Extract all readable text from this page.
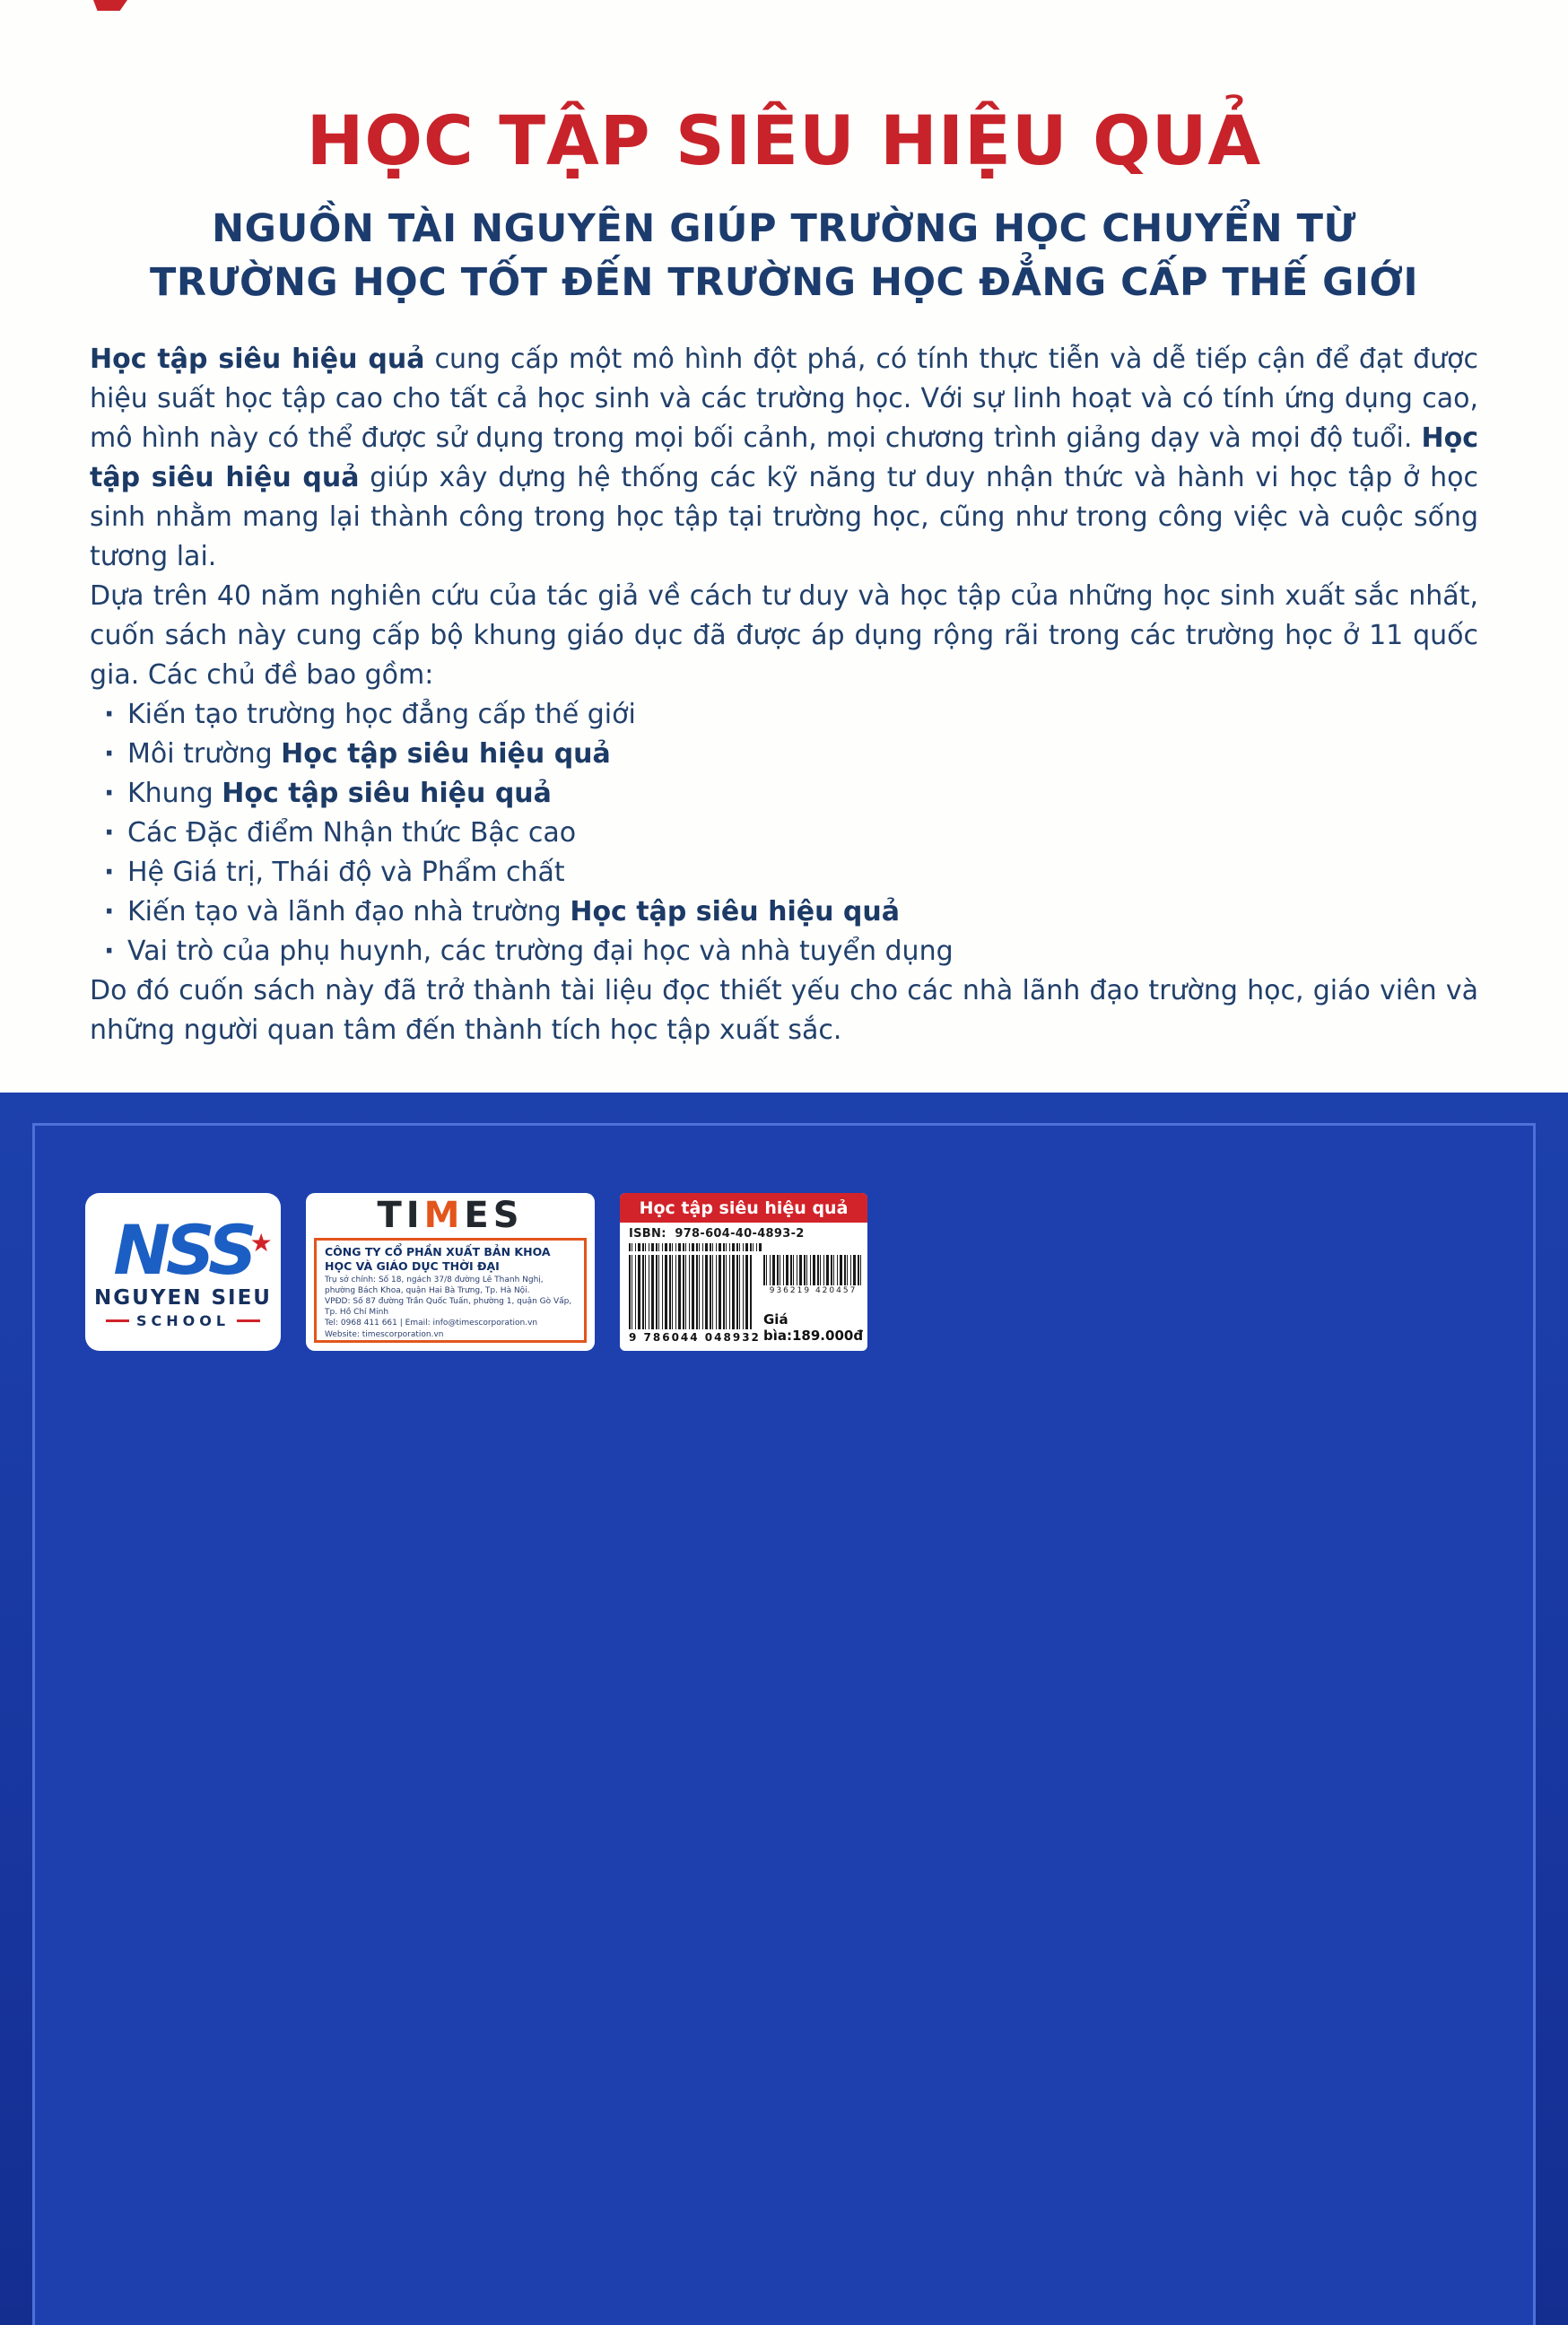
HỌC TẬP SIÊU HIỆU QUẢ
NGUỒN TÀI NGUYÊN GIÚP TRƯỜNG HỌC CHUYỂN TỪ
TRƯỜNG HỌC TỐT ĐẾN TRƯỜNG HỌC ĐẲNG CẤP THẾ GIỚI

Học tập siêu hiệu quả cung cấp một mô hình đột phá, có tính thực tiễn và dễ tiếp cận để đạt được hiệu suất học tập cao cho tất cả học sinh và các trường học. Với sự linh hoạt và có tính ứng dụng cao, mô hình này có thể được sử dụng trong mọi bối cảnh, mọi chương trình giảng dạy và mọi độ tuổi. Học tập siêu hiệu quả giúp xây dựng hệ thống các kỹ năng tư duy nhận thức và hành vi học tập ở học sinh nhằm mang lại thành công trong học tập tại trường học, cũng như trong công việc và cuộc sống tương lai.

Dựa trên 40 năm nghiên cứu của tác giả về cách tư duy và học tập của những học sinh xuất sắc nhất, cuốn sách này cung cấp bộ khung giáo dục đã được áp dụng rộng rãi trong các trường học ở 11 quốc gia. Các chủ đề bao gồm:

· Kiến tạo trường học đẳng cấp thế giới
· Môi trường Học tập siêu hiệu quả
· Khung Học tập siêu hiệu quả
· Các Đặc điểm Nhận thức Bậc cao
· Hệ Giá trị, Thái độ và Phẩm chất
· Kiến tạo và lãnh đạo nhà trường Học tập siêu hiệu quả
· Vai trò của phụ huynh, các trường đại học và nhà tuyển dụng

Do đó cuốn sách này đã trở thành tài liệu đọc thiết yếu cho các nhà lãnh đạo trường học, giáo viên và những người quan tâm đến thành tích học tập xuất sắc.

NSS
★
NGUYEN SIEU
SCHOOL
TI M ES
CÔNG TY CỔ PHẦN XUẤT BẢN KHOA HỌC VÀ GIÁO DỤC THỜI ĐẠI
Trụ sở chính: Số 18, ngách 37/8 đường Lê Thanh Nghị, phường Bách Khoa, quận Hai Bà Trưng, Tp. Hà Nội.
VPĐD: Số 87 đường Trần Quốc Tuấn, phường 1, quận Gò Vấp, Tp. Hồ Chí Minh
Tel: 0968 411 661 | Email: info@timescorporation.vn
Website: timescorporation.vn
Học tập siêu hiệu quả
ISBN: 978-604-40-4893-2
9 786044 048932
936219 420457
Giá bìa:189.000đ
